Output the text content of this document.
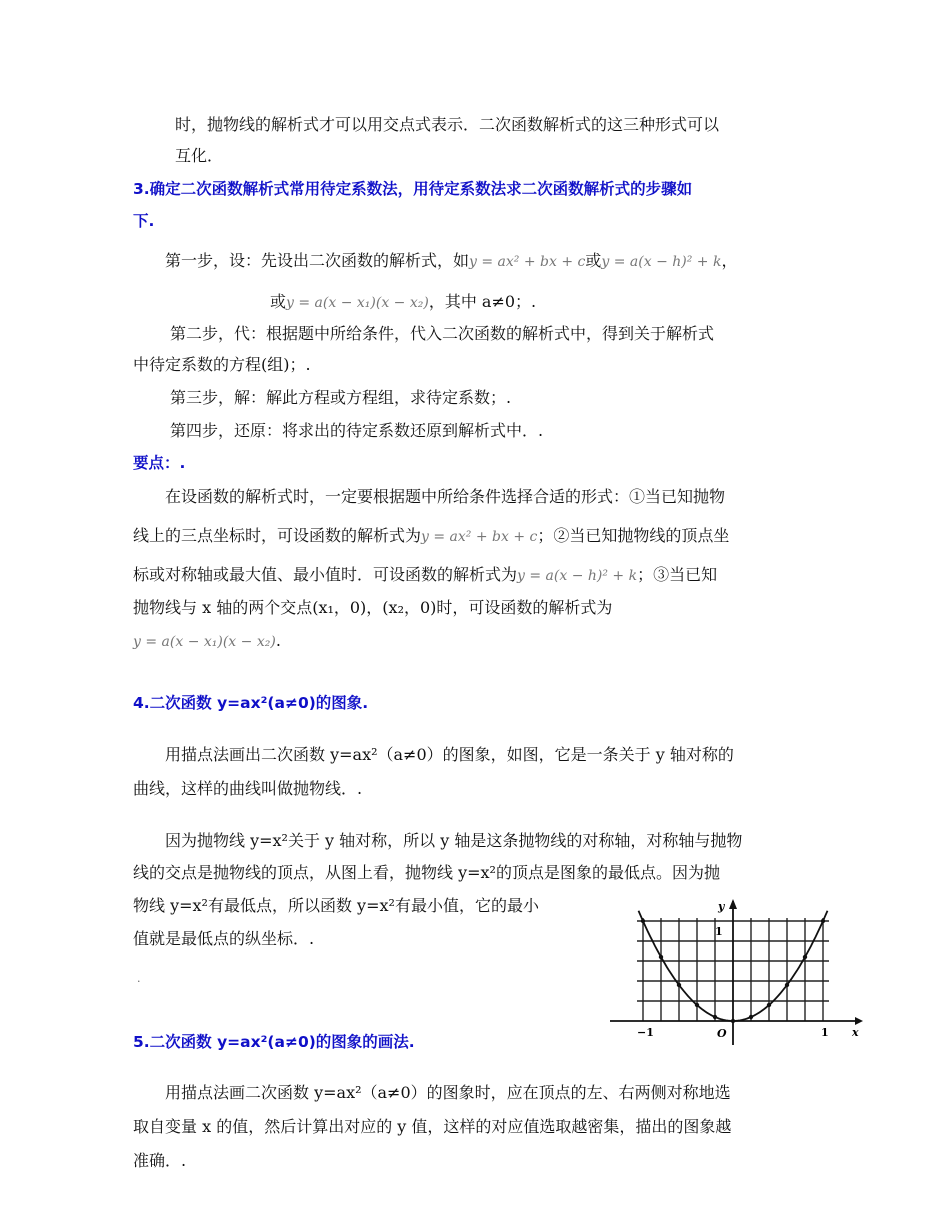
时，抛物线的解析式才可以用交点式表示．二次函数解析式的这三种形式可以
互化．
3.确定二次函数解析式常用待定系数法，用待定系数法求二次函数解析式的步骤如
下.
第一步，设：先设出二次函数的解析式，如y = ax² + bx + c或y = a(x − h)² + k，
或y = a(x − x₁)(x − x₂)，其中 a≠0；.
第二步，代：根据题中所给条件，代入二次函数的解析式中，得到关于解析式
中待定系数的方程(组)；.
第三步，解：解此方程或方程组，求待定系数；.
第四步，还原：将求出的待定系数还原到解析式中．.
要点：.
在设函数的解析式时，一定要根据题中所给条件选择合适的形式：①当已知抛物
线上的三点坐标时，可设函数的解析式为y = ax² + bx + c；②当已知抛物线的顶点坐
标或对称轴或最大值、最小值时．可设函数的解析式为y = a(x − h)² + k；③当已知
抛物线与 x 轴的两个交点(x₁，0)，(x₂，0)时，可设函数的解析式为
y = a(x − x₁)(x − x₂).
4.二次函数 y=ax²(a≠0)的图象.
用描点法画出二次函数 y=ax²（a≠0）的图象，如图，它是一条关于 y 轴对称的
曲线，这样的曲线叫做抛物线．.
因为抛物线 y=x²关于 y 轴对称，所以 y 轴是这条抛物线的对称轴，对称轴与抛物
线的交点是抛物线的顶点，从图上看，抛物线 y=x²的顶点是图象的最低点。因为抛
物线 y=x²有最低点，所以函数 y=x²有最小值，它的最小
值就是最低点的纵坐标．.
.
y
x
1
−1	O	1
5.二次函数 y=ax²(a≠0)的图象的画法.
用描点法画二次函数 y=ax²（a≠0）的图象时，应在顶点的左、右两侧对称地选
取自变量 x 的值，然后计算出对应的 y 值，这样的对应值选取越密集，描出的图象越
准确．.
